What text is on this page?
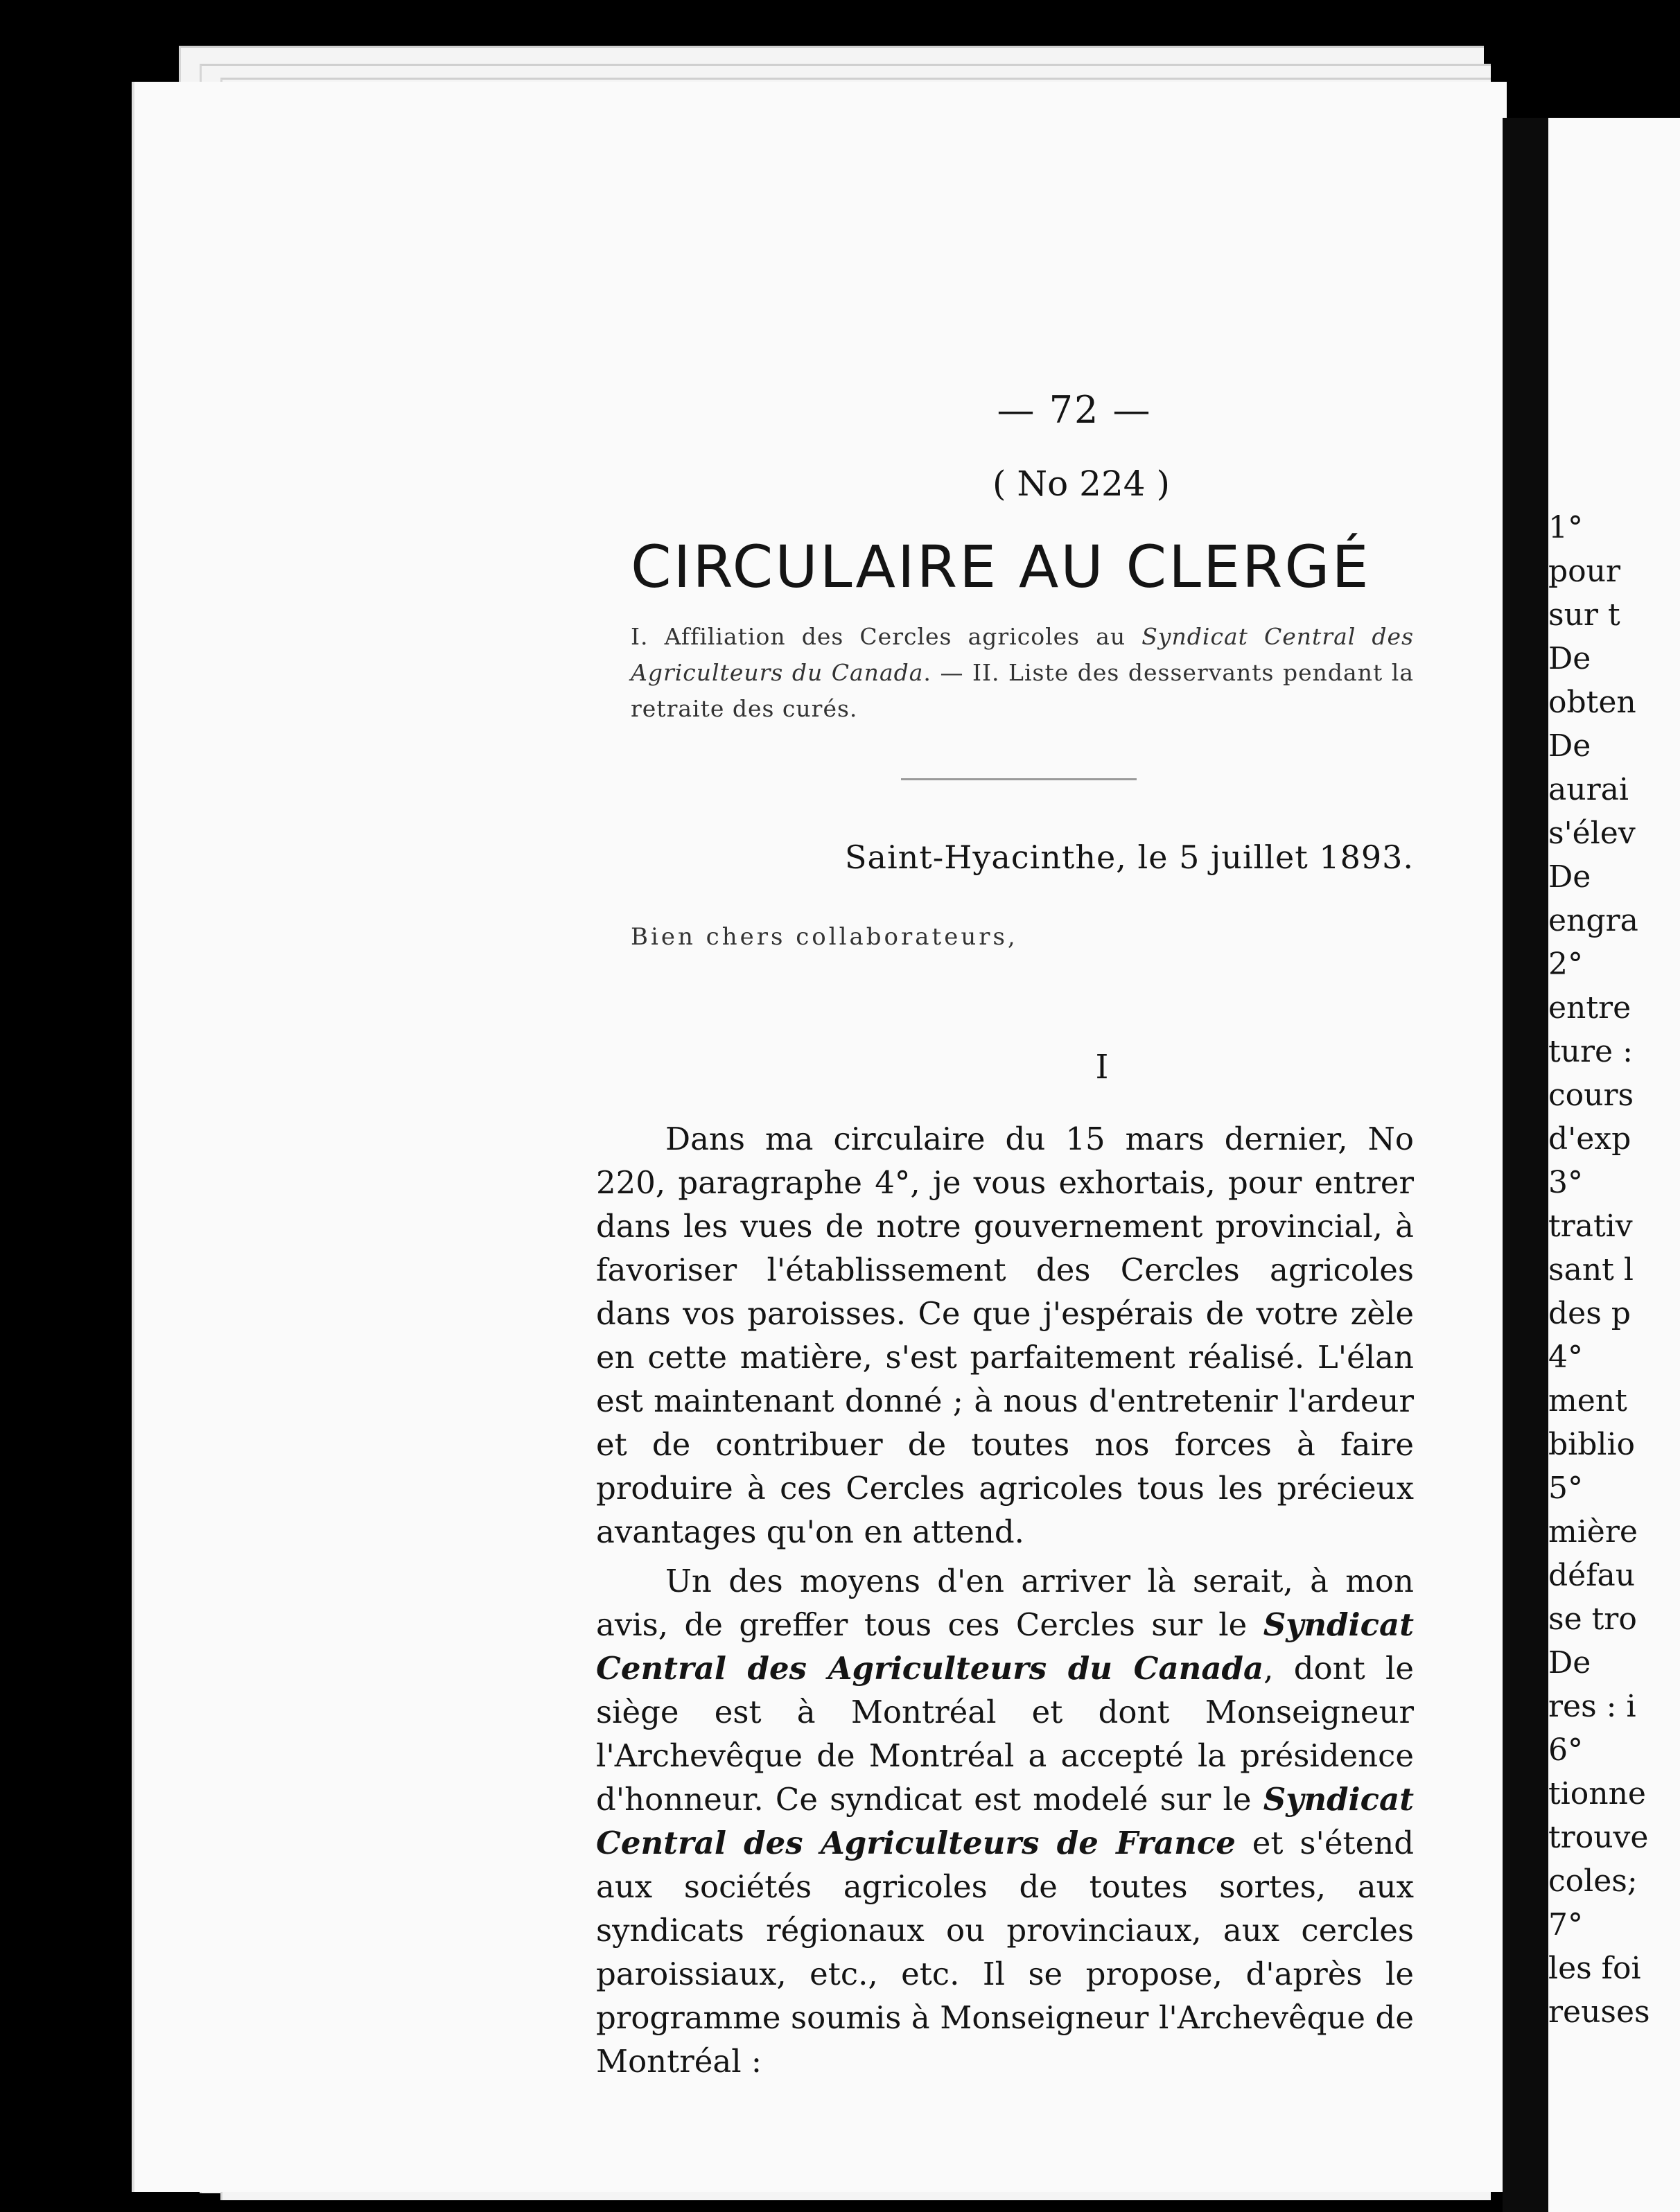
1°
pour
sur t
De
obten
De
aurai
s'élev
De
engra
2°
entre
ture :
cours
d'exp
3°
trativ
sant l
des p
4°
ment
biblio
5°
mière
défau
se tro
De
res : i
6°
tionne
trouve
coles;
7°
les foi
reuses
— 72 —
( No 224 )
CIRCULAIRE AU CLERGÉ

I. Affiliation des Cercles agricoles au Syndicat Central des Agriculteurs du Canada. — II. Liste des desservants pendant la retraite des curés.

Saint-Hyacinthe, le 5 juillet 1893.
Bien chers collaborateurs,
I

Dans ma circulaire du 15 mars dernier, No 220, paragraphe 4°, je vous exhortais, pour entrer dans les vues de notre gouvernement provincial, à favoriser l'établissement des Cercles agricoles dans vos paroisses. Ce que j'espérais de votre zèle en cette matière, s'est parfaitement réalisé. L'élan est maintenant donné ; à nous d'entretenir l'ardeur et de contribuer de toutes nos forces à faire produire à ces Cercles agricoles tous les précieux avantages qu'on en attend.

Un des moyens d'en arriver là serait, à mon avis, de greffer tous ces Cercles sur le Syndicat Central des Agriculteurs du Canada, dont le siège est à Montréal et dont Monseigneur l'Archevêque de Montréal a accepté la présidence d'honneur. Ce syndicat est modelé sur le Syndicat Central des Agriculteurs de France et s'étend aux sociétés agricoles de toutes sortes, aux syndicats régionaux ou provinciaux, aux cercles paroissiaux, etc., etc. Il se propose, d'après le programme soumis à Monseigneur l'Archevêque de Montréal :
